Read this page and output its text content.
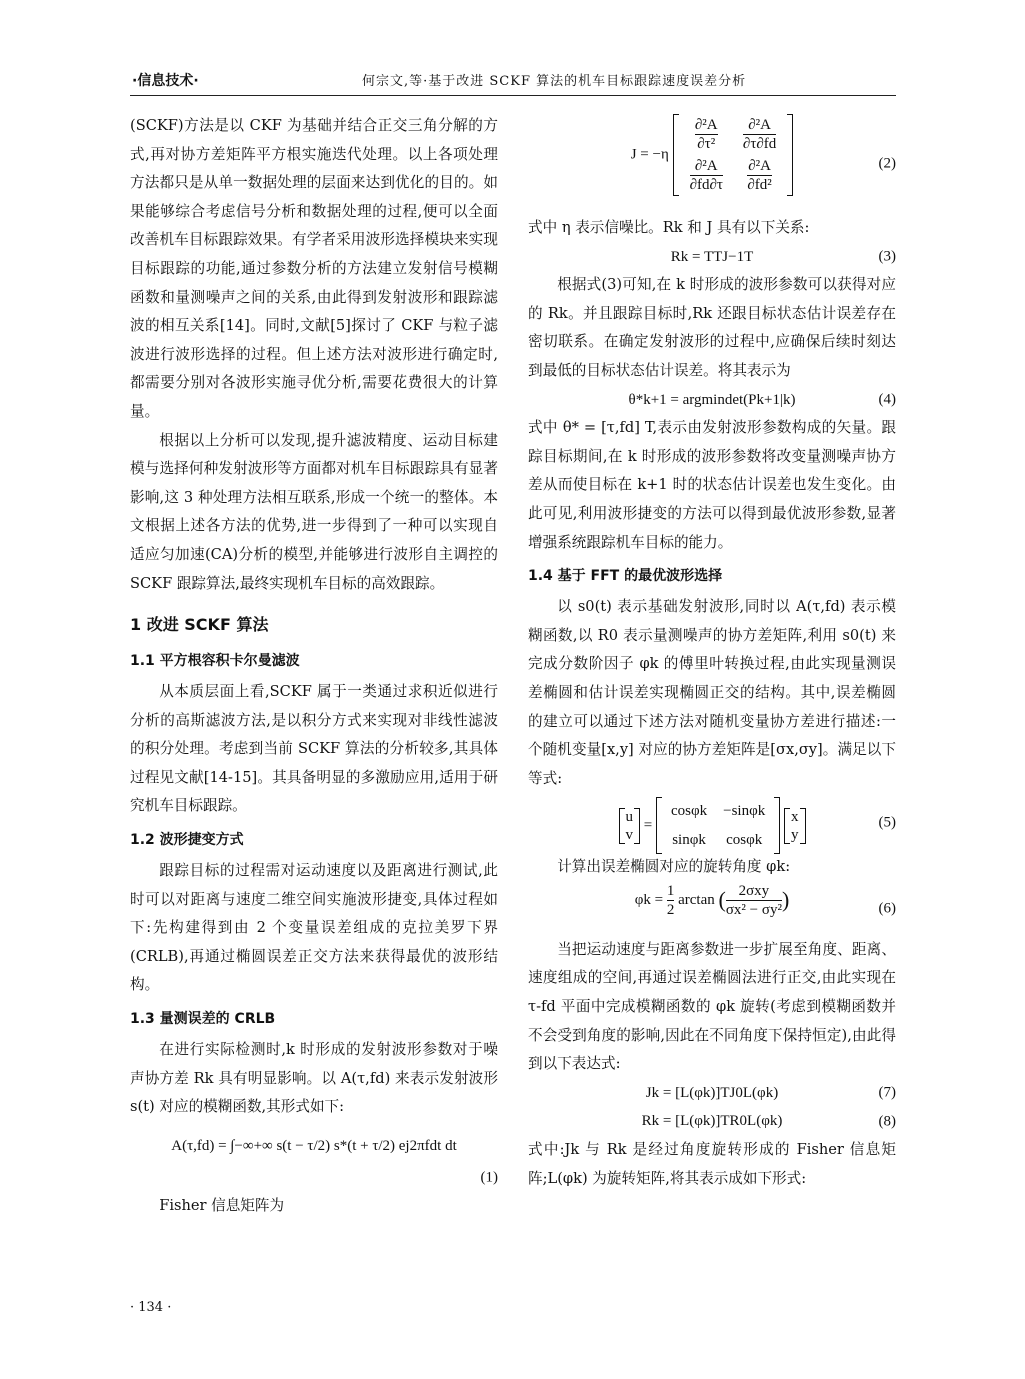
·信息技术·	何宗文,等·基于改进 SCKF 算法的机车目标跟踪速度误差分析

(SCKF)方法是以 CKF 为基础并结合正交三角分解的方式,再对协方差矩阵平方根实施迭代处理。以上各项处理方法都只是从单一数据处理的层面来达到优化的目的。如果能够综合考虑信号分析和数据处理的过程,便可以全面改善机车目标跟踪效果。有学者采用波形选择模块来实现目标跟踪的功能,通过参数分析的方法建立发射信号模糊函数和量测噪声之间的关系,由此得到发射波形和跟踪滤波的相互关系[14]。同时,文献[5]探讨了 CKF 与粒子滤波进行波形选择的过程。但上述方法对波形进行确定时,都需要分别对各波形实施寻优分析,需要花费很大的计算量。

根据以上分析可以发现,提升滤波精度、运动目标建模与选择何种发射波形等方面都对机车目标跟踪具有显著影响,这 3 种处理方法相互联系,形成一个统一的整体。本文根据上述各方法的优势,进一步得到了一种可以实现自适应匀加速(CA)分析的模型,并能够进行波形自主调控的 SCKF 跟踪算法,最终实现机车目标的高效跟踪。

1 改进 SCKF 算法
1.1 平方根容积卡尔曼滤波

从本质层面上看,SCKF 属于一类通过求积近似进行分析的高斯滤波方法,是以积分方式来实现对非线性滤波的积分处理。考虑到当前 SCKF 算法的分析较多,其具体过程见文献[14-15]。其具备明显的多激励应用,适用于研究机车目标跟踪。

1.2 波形捷变方式

跟踪目标的过程需对运动速度以及距离进行测试,此时可以对距离与速度二维空间实施波形捷变,具体过程如下:先构建得到由 2 个变量误差组成的克拉美罗下界(CRLB),再通过椭圆误差正交方法来获得最优的波形结构。

1.3 量测误差的 CRLB

在进行实际检测时,k 时形成的发射波形参数对于噪声协方差 Rk 具有明显影响。以 A(τ,fd) 来表示发射波形 s(t) 对应的模糊函数,其形式如下:

A(τ,fd) = ∫−∞+∞ s(t − τ/2) s*(t + τ/2) ej2πfdt dt
(1)

Fisher 信息矩阵为

J = −η
$\frac{\text{∂²A}}{\text{∂τ²}}$	$\frac{\text{∂²A}}{\partial\tau\partial fd}$

$\frac{\text{∂²A}}{\partial fd\partial\tau}$	$\frac{\text{∂²A}}{\text{∂fd²}}$	(2)

式中 η 表示信噪比。Rk 和 J 具有以下关系:

Rk = TTJ−1T	(3)

根据式(3)可知,在 k 时形成的波形参数可以获得对应的 Rk。并且跟踪目标时,Rk 还跟目标状态估计误差存在密切联系。在确定发射波形的过程中,应确保后续时刻达到最低的目标状态估计误差。将其表示为

θ*k+1 = argmindet(Pk+1|k)	(4)

式中 θ* = [τ,fd] T,表示由发射波形参数构成的矢量。跟踪目标期间,在 k 时形成的波形参数将改变量测噪声协方差从而使目标在 k+1 时的状态估计误差也发生变化。由此可见,利用波形捷变的方法可以得到最优波形参数,显著增强系统跟踪机车目标的能力。

1.4 基于 FFT 的最优波形选择

以 s0(t) 表示基础发射波形,同时以 A(τ,fd) 表示模糊函数,以 R0 表示量测噪声的协方差矩阵,利用 s0(t) 来完成分数阶因子 φk 的傅里叶转换过程,由此实现量测误差椭圆和估计误差实现椭圆正交的结构。其中,误差椭圆的建立可以通过下述方法对随机变量协方差进行描述:一个随机变量[x,y] 对应的协方差矩阵是[σx,σy]。满足以下等式:

u
v
=
cosφk	−sinφk
sinφk	cosφk

x
y
(5)

计算出误差椭圆对应的旋转角度 φk:

$\varphi k = \frac{1}{2}$ arctan ( $\frac{\text{2σxy}}{\text{σx² − σy²}}$ )	(6)

当把运动速度与距离参数进一步扩展至角度、距离、速度组成的空间,再通过误差椭圆法进行正交,由此实现在 τ-fd 平面中完成模糊函数的 φk 旋转(考虑到模糊函数并不会受到角度的影响,因此在不同角度下保持恒定),由此得到以下表达式:

Jk = [L(φk)]TJ0L(φk)	(7)
Rk = [L(φk)]TR0L(φk)	(8)

式中:Jk 与 Rk 是经过角度旋转形成的 Fisher 信息矩阵;L(φk) 为旋转矩阵,将其表示成如下形式:

· 134 ·
